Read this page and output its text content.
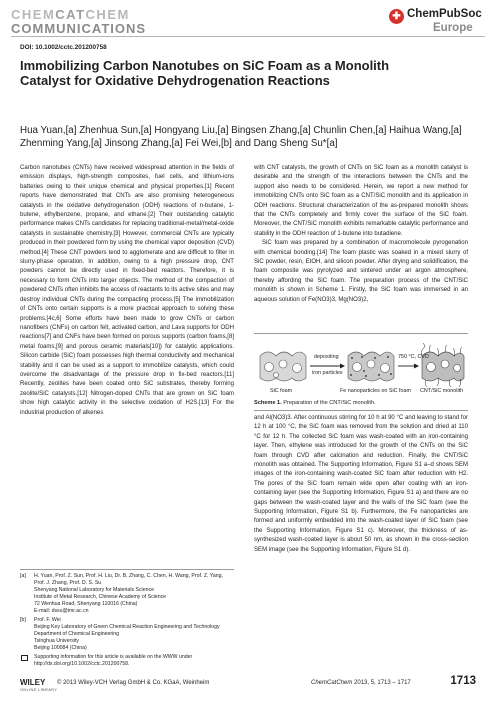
CHEMCATCHEM
COMMUNICATIONS
✚ ChemPubSoc
Europe
DOI: 10.1002/cctc.201200758
Immobilizing Carbon Nanotubes on SiC Foam as a Monolith Catalyst for Oxidative Dehydrogenation Reactions
Hua Yuan,[a] Zhenhua Sun,[a] Hongyang Liu,[a] Bingsen Zhang,[a] Chunlin Chen,[a] Haihua Wang,[a] Zhenming Yang,[a] Jinsong Zhang,[a] Fei Wei,[b] and Dang Sheng Su*[a]

Carbon nanotubes (CNTs) have received widespread attention in the fields of emission displays, high-strength composites, fuel cells, and lithium-ions batteries owing to their unique chemical and physical properties.[1] Recent reports have demonstrated that CNTs are also promising heterogeneous catalysts in the oxidative dehydrogenation (ODH) reactions of n-butane, 1-butene, ethylbenzene, propane, and ethane.[2] Their outstanding catalytic performance makes CNTs candidates for replacing traditional-metal/metal-oxide catalysts in sustainable chemistry.[3] However, commercial CNTs are typically produced in their powdered form by using the chemical vapor deposition (CVD) method.[4] These CNT powders tend to agglomerate and are difficult to filter in slurry-phase operation. In addition, owing to a high pressure drop, CNT powders cannot be directly used in fixed-bed reactors. Therefore, it is necessary to form CNTs into larger objects. The method of the compaction of powdered CNTs often inhibits the access of reactants to its active sites and may destroy individual CNTs during the compacting process.[5] The immobilization of CNTs onto certain supports is a more practical approach to solving these problems.[4c,6] Some efforts have been made to grow CNTs or carbon nanofibers (CNFs) on carbon felt, activated carbon, and Lava supports for ODH reactions[7] and CNFs have been formed on porous supports (carbon foams,[8] metal foams,[9] and porous ceramic materials[10]) for catalytic applications. Silicon carbide (SiC) foam possesses high thermal conductivity and mechanical stability and it can be used as a support to immobilize catalysts, which could overcome the disadvantage of the pressure drop in fix-bed reactors.[11] Recently, zeolites have been coated onto SiC substrates, thereby forming zeolite/SiC catalysts.[12] Nitrogen-doped CNTs that are grown on SiC foam show high catalytic activity in the selective oxidation of H2S.[13] For the industrial production of alkenes

with CNT catalysts, the growth of CNTs on SiC foam as a monolith catalyst is desirable and the strength of the interactions between the CNTs and the support also needs to be considered. Herein, we report a new method for immobilizing CNTs onto SiC foam as a CNT/SiC monolith and its application in ODH reactions. Structural characterization of the as-prepared monolith shows that the CNTs completely and firmly cover the surface of the SiC foam. Moreover, the CNT/SiC monolith exhibits remarkable catalytic performance and stability in the ODH reaction of 1-butene into butadiene.

SiC foam was prepared by a combination of macromolecule pyrogenation with chemical bonding.[14] The foam plastic was soaked in a mixed slurry of SiC powder, resin, EtOH, and silicon powder. After drying and solidification, the foam composite was pyrolyzed and sintered under an argon atmosphere, thereby affording the SiC foam. The preparation process of the CNT/SiC monolith is shown in Scheme 1. Firstly, the SiC foam was immersed in an aqueous solution of Fe(NO3)3, Mg(NO3)2,

depositing
iron particles
750 °C, CVD
SiC foam	Fe nanoparticles on SiC foam CNT/SiC monolith
Scheme 1. Preparation of the CNT/SiC monolith.

and Al(NO3)3. After continuous stirring for 10 h at 90 °C and leaving to stand for 12 h at 100 °C, the SiC foam was removed from the solution and dried at 110 °C for 12 h. The collected SiC foam was wash-coated with an iron-containing layer. Then, ethylene was introduced for the growth of the CNTs on the SiC foam through CVD after calcination and reduction. Finally, the CNT/SiC monolith was obtained. The Supporting Information, Figure S1 a–d shows SEM images of the iron-containing wash-coated SiC foam after reduction with H2. The pores of the SiC foam remain wide open after coating with an iron-containing layer (see the Supporting Information, Figure S1 a) and there are no gaps between the wash-coated layer and the walls of the SiC foam (see the Supporting Information, Figure S1 b). Furthermore, the Fe nanoparticles are formed and uniformly embedded into the wash-coated layer of SiC foam (see the Supporting Information, Figure S1 c). Moreover, the thickness of as-synthesized wash-coated layer is about 50 nm, as shown in the cross-section SEM image (see the Supporting Information, Figure S1 d).

[a] H. Yuan, Prof. Z. Sun, Prof. H. Liu, Dr. B. Zhang, C. Chen, H. Wang, Prof. Z. Yang, Prof. J. Zhang, Prof. D. S. Su
Shenyang National Laboratory for Materials Science
Institute of Metal Research, Chinese Academy of Science
72 Wenhua Road, Shenyang 110016 (China)
E-mail: dssu@imr.ac.cn
[b] Prof. F. Wei
Beijing Key Laboratory of Green Chemical Reaction Engineering and Technology
Department of Chemical Engineering
Tsinghua University
Beijing 100084 (China)
Supporting information for this article is available on the WWW under http://dx.doi.org/10.1002/cctc.201200758.
WILEY
ONLINE LIBRARY
© 2013 Wiley-VCH Verlag GmbH & Co. KGaA, Weinheim	ChemCatChem 2013, 5, 1713 – 1717	1713
